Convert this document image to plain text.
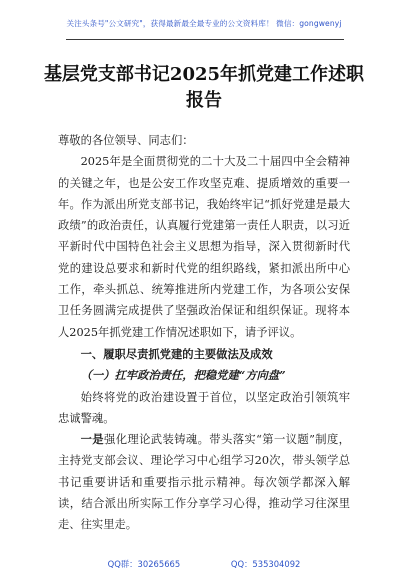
关注头条号"公文研究"，获得最新最全最专业的公文资料库！ 微信：gongwenyj
基层党支部书记2025年抓党建工作述职
报告

尊敬的各位领导、同志们：

2025年是全面贯彻党的二十大及二十届四中全会精神的关键之年，也是公安工作攻坚克难、提质增效的重要一年。作为派出所党支部书记，我始终牢记“抓好党建是最大政绩”的政治责任，认真履行党建第一责任人职责，以习近平新时代中国特色社会主义思想为指导，深入贯彻新时代党的建设总要求和新时代党的组织路线，紧扣派出所中心工作，牵头抓总、统筹推进所内党建工作，为各项公安保卫任务圆满完成提供了坚强政治保证和组织保证。现将本人2025年抓党建工作情况述职如下，请予评议。

一、履职尽责抓党建的主要做法及成效

（一）扛牢政治责任，把稳党建“方向盘”

始终将党的政治建设置于首位，以坚定政治引领筑牢忠诚警魂。

一是强化理论武装铸魂。带头落实“第一议题”制度，主持党支部会议、理论学习中心组学习20次，带头领学总书记重要讲话和重要指示批示精神。每次领学都深入解读，结合派出所实际工作分享学习心得，推动学习往深里走、往实里走。

QQ群：30265665	QQ：535304092
